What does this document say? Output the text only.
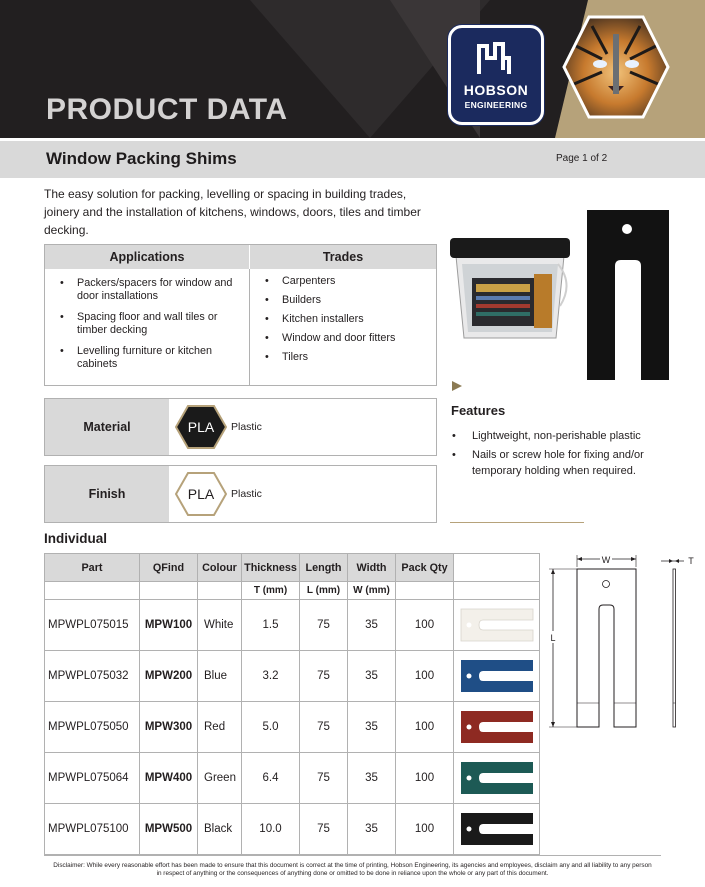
PRODUCT DATA
HOBSON
ENGINEERING
Window Packing Shims	Page 1 of 2
The easy solution for packing, levelling or spacing in building trades, joinery and the installation of kitchens, windows, doors, tiles and timber decking.
Applications	Trades
• Packers/spacers for window and door installations
• Spacing floor and wall tiles or timber decking
• Levelling furniture or kitchen cabinets
• Carpenters
• Builders
• Kitchen installers
• Window and door fitters
• Tilers
Material	PLA Plastic
Finish	PLA Plastic
Features
• Lightweight, non-perishable plastic
• Nails or screw hole for fixing and/or temporary holding when required.
Individual
Part	QFind	Colour	Thickness	Length	Width	Pack Qty	
			T (mm)	L (mm)	W (mm)		
MPWPL075015	MPW100	White	1.5	75	35	100	

MPWPL075032	MPW200	Blue	3.2	75	35	100	

MPWPL075050	MPW300	Red	5.0	75	35	100	

MPWPL075064	MPW400	Green	6.4	75	35	100	

MPWPL075100	MPW500	Black	10.0	75	35	100	
W
L
T
Disclaimer: While every reasonable effort has been made to ensure that this document is correct at the time of printing, Hobson Engineering, its agencies and employees, disclaim any and all liability to any person in respect of anything or the consequences of anything done or omitted to be done in reliance upon the whole or any part of this document.
